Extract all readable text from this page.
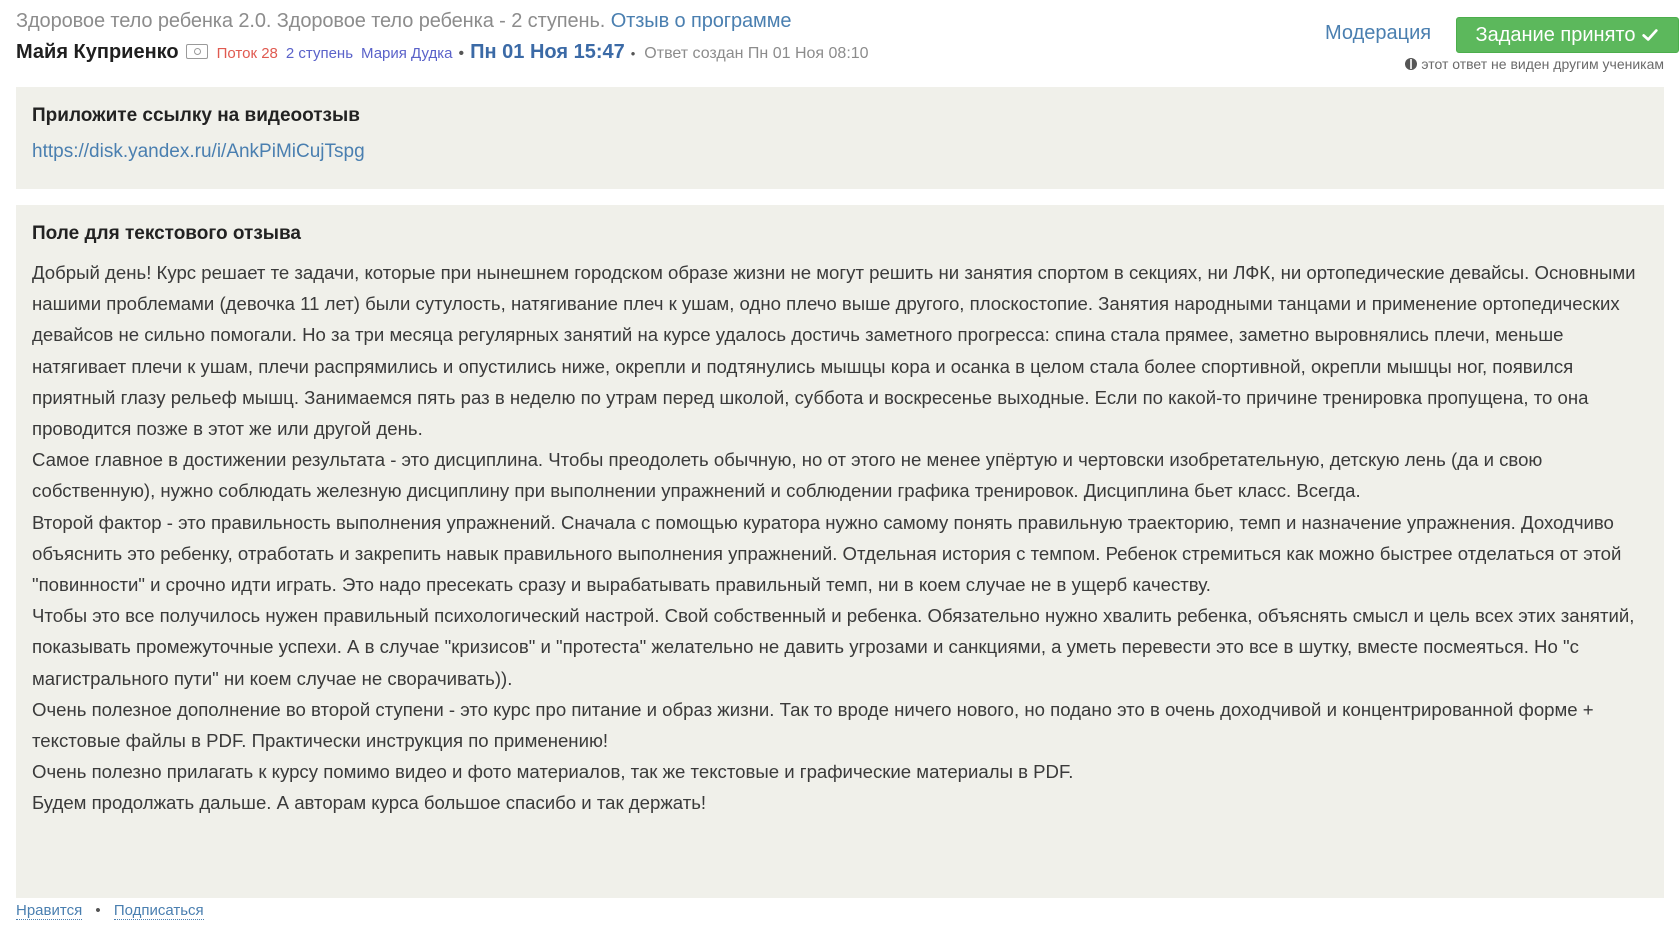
Здоровое тело ребенка 2.0. Здоровое тело ребенка - 2 ступень. Отзыв о программе
Майя Куприенко	Поток 28 2 ступень Мария Дудка • Пн 01 Ноя 15:47 • Ответ создан Пн 01 Ноя 08:10
Модерация Задание принято
этот ответ не виден другим ученикам
Приложите ссылку на видеоотзыв
https://disk.yandex.ru/i/AnkPiMiCujTspg
Поле для текстового отзыва

Добрый день! Курс решает те задачи, которые при нынешнем городском образе жизни не могут решить ни занятия спортом в секциях, ни ЛФК, ни ортопедические девайсы. Основными нашими проблемами (девочка 11 лет) были сутулость, натягивание плеч к ушам, одно плечо выше другого, плоскостопие. Занятия народными танцами и применение ортопедических девайсов не сильно помогали. Но за три месяца регулярных занятий на курсе удалось достичь заметного прогресса: спина стала прямее, заметно выровнялись плечи, меньше натягивает плечи к ушам, плечи распрямились и опустились ниже, окрепли и подтянулись мышцы кора и осанка в целом стала более спортивной, окрепли мышцы ног, появился приятный глазу рельеф мышц. Занимаемся пять раз в неделю по утрам перед школой, суббота и воскресенье выходные. Если по какой-то причине тренировка пропущена, то она проводится позже в этот же или другой день.

Самое главное в достижении результата - это дисциплина. Чтобы преодолеть обычную, но от этого не менее упёртую и чертовски изобретательную, детскую лень (да и свою собственную), нужно соблюдать железную дисциплину при выполнении упражнений и соблюдении графика тренировок. Дисциплина бьет класс. Всегда.

Второй фактор - это правильность выполнения упражнений. Сначала с помощью куратора нужно самому понять правильную траекторию, темп и назначение упражнения. Доходчиво объяснить это ребенку, отработать и закрепить навык правильного выполнения упражнений. Отдельная история с темпом. Ребенок стремиться как можно быстрее отделаться от этой "повинности" и срочно идти играть. Это надо пресекать сразу и вырабатывать правильный темп, ни в коем случае не в ущерб качеству.

Чтобы это все получилось нужен правильный психологический настрой. Свой собственный и ребенка. Обязательно нужно хвалить ребенка, объяснять смысл и цель всех этих занятий, показывать промежуточные успехи. А в случае "кризисов" и "протеста" желательно не давить угрозами и санкциями, а уметь перевести это все в шутку, вместе посмеяться. Но "с магистрального пути" ни коем случае не сворачивать)).

Очень полезное дополнение во второй ступени - это курс про питание и образ жизни. Так то вроде ничего нового, но подано это в очень доходчивой и концентрированной форме + текстовые файлы в PDF. Практически инструкция по применению!

Очень полезно прилагать к курсу помимо видео и фото материалов, так же текстовые и графические материалы в PDF.

Будем продолжать дальше. А авторам курса большое спасибо и так держать!

Нравится • Подписаться
